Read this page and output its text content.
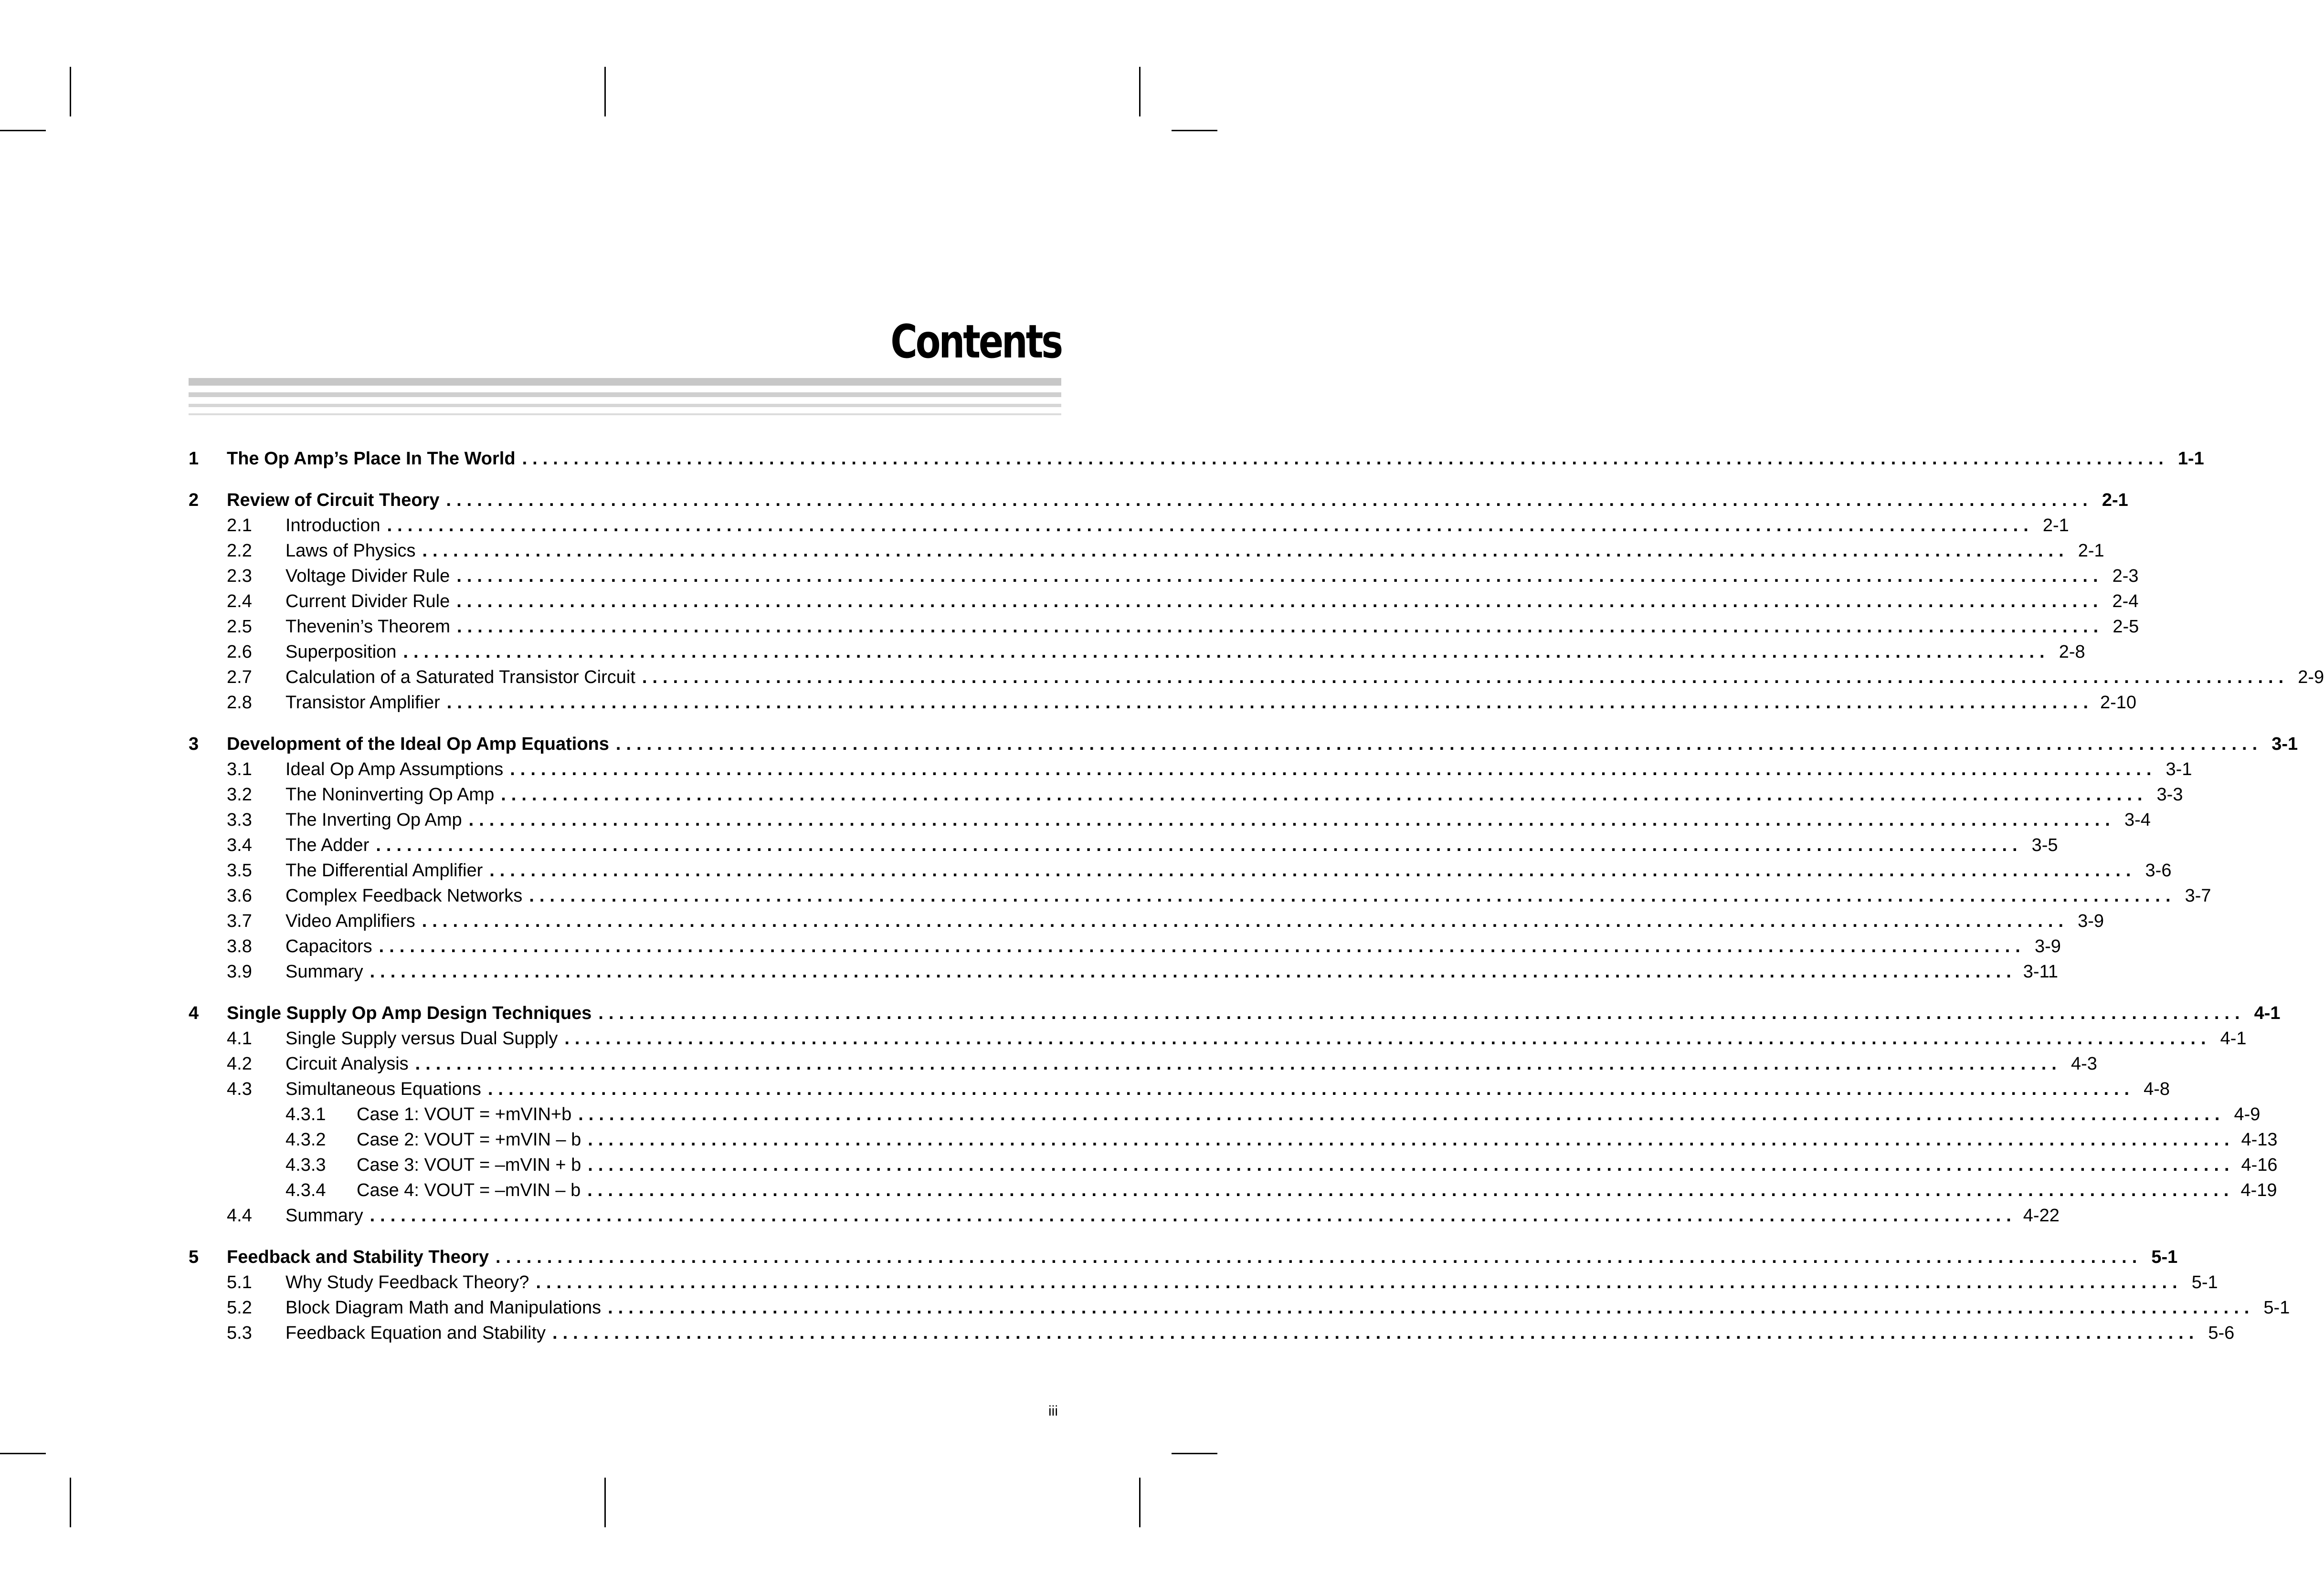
Contents
1 The Op Amp’s Place In The World ................................................................................................................................................................ 1-1
2 Review of Circuit Theory ................................................................................................................................................................ 2-1
2.1 Introduction ................................................................................................................................................................ 2-1
2.2 Laws of Physics ................................................................................................................................................................ 2-1
2.3 Voltage Divider Rule ................................................................................................................................................................ 2-3
2.4 Current Divider Rule ................................................................................................................................................................ 2-4
2.5 Thevenin’s Theorem ................................................................................................................................................................ 2-5
2.6 Superposition ................................................................................................................................................................ 2-8
2.7 Calculation of a Saturated Transistor Circuit ................................................................................................................................................................ 2-9
2.8 Transistor Amplifier ................................................................................................................................................................ 2-10
3 Development of the Ideal Op Amp Equations ................................................................................................................................................................ 3-1
3.1 Ideal Op Amp Assumptions ................................................................................................................................................................ 3-1
3.2 The Noninverting Op Amp ................................................................................................................................................................ 3-3
3.3 The Inverting Op Amp ................................................................................................................................................................ 3-4
3.4 The Adder ................................................................................................................................................................ 3-5
3.5 The Differential Amplifier ................................................................................................................................................................ 3-6
3.6 Complex Feedback Networks ................................................................................................................................................................ 3-7
3.7 Video Amplifiers ................................................................................................................................................................ 3-9
3.8 Capacitors ................................................................................................................................................................ 3-9
3.9 Summary ................................................................................................................................................................ 3-11
4 Single Supply Op Amp Design Techniques ................................................................................................................................................................ 4-1
4.1 Single Supply versus Dual Supply ................................................................................................................................................................ 4-1
4.2 Circuit Analysis ................................................................................................................................................................ 4-3
4.3 Simultaneous Equations ................................................................................................................................................................ 4-8
4.3.1 Case 1: VOUT = +mVIN+b ................................................................................................................................................................ 4-9
4.3.2 Case 2: VOUT = +mVIN – b ................................................................................................................................................................ 4-13
4.3.3 Case 3: VOUT = –mVIN + b ................................................................................................................................................................ 4-16
4.3.4 Case 4: VOUT = –mVIN – b ................................................................................................................................................................ 4-19
4.4 Summary ................................................................................................................................................................ 4-22
5 Feedback and Stability Theory ................................................................................................................................................................ 5-1
5.1 Why Study Feedback Theory? ................................................................................................................................................................ 5-1
5.2 Block Diagram Math and Manipulations ................................................................................................................................................................ 5-1
5.3 Feedback Equation and Stability ................................................................................................................................................................ 5-6
iii
